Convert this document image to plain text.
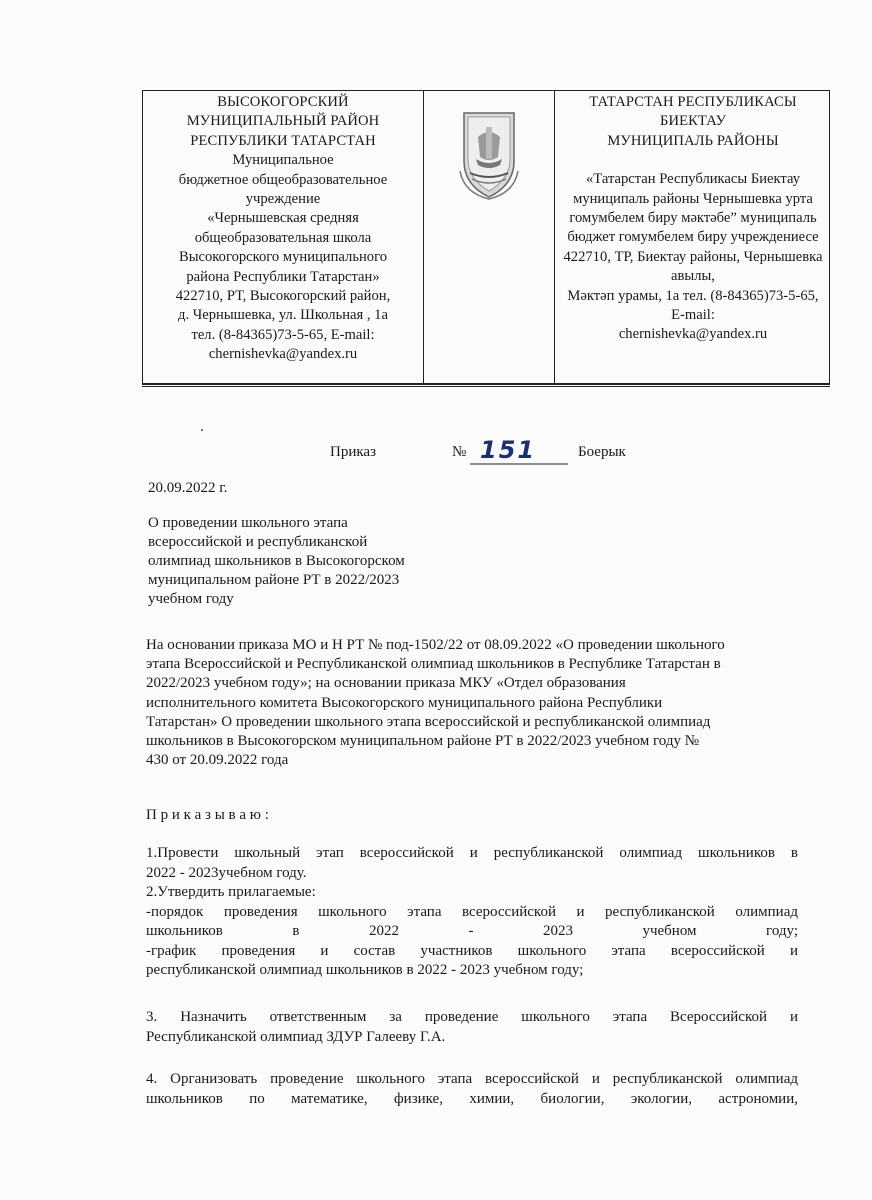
ВЫСОКОГОРСКИЙ
МУНИЦИПАЛЬНЫЙ РАЙОН
РЕСПУБЛИКИ ТАТАРСТАН
Муниципальное
бюджетное общеобразовательное
учреждение
«Чернышевская средняя
общеобразовательная школа
Высокогорского муниципального
района Республики Татарстан»
422710, РТ, Высокогорский район,
д. Чернышевка, ул. Школьная , 1а
тел. (8-84365)73-5-65, E-mail:
chernishevka@yandex.ru
ТАТАРСТАН РЕСПУБЛИКАСЫ
БИЕКТАУ
МУНИЦИПАЛЬ РАЙОНЫ
«Татарстан Республикасы Биектау
муниципаль районы Чернышевка урта
гомумбелем биру мәктәбе” муниципаль
бюджет гомумбелем биру учреждениесе
422710, ТР, Биектау районы, Чернышевка
авылы,
Мәктәп урамы, 1а тел. (8-84365)73-5-65,
E-mail:
chernishevka@yandex.ru
Приказ	№ 151	Боерык
20.09.2022 г.
О проведении школьного этапа
всероссийской и республиканской
олимпиад школьников в Высокогорском
муниципальном районе РТ в 2022/2023
учебном году
На основании приказа МО и Н РТ № под-1502/22 от 08.09.2022 «О проведении школьного
этапа Всероссийской и Республиканской олимпиад школьников в Республике Татарстан в
2022/2023 учебном году»; на основании приказа МКУ «Отдел образования
исполнительного комитета Высокогорского муниципального района Республики
Татарстан» О проведении школьного этапа всероссийской и республиканской олимпиад
школьников в Высокогорском муниципальном районе РТ в 2022/2023 учебном году №
430 от 20.09.2022 года
П р и к а з ы в а ю :
1.Провести школьный этап всероссийской и республиканской олимпиад школьников в
2022 - 2023учебном году.
2.Утвердить прилагаемые:
-порядок проведения школьного этапа всероссийской и республиканской олимпиад
школьников в 2022 - 2023 учебном году;
-график проведения и состав участников школьного этапа всероссийской и
республиканской олимпиад школьников в 2022 - 2023 учебном году;
3. Назначить ответственным за проведение школьного этапа Всероссийской и
Республиканской олимпиад ЗДУР Галееву Г.А.
4. Организовать проведение школьного этапа всероссийской и республиканской олимпиад
школьников по математике, физике, химии, биологии, экологии, астрономии,
